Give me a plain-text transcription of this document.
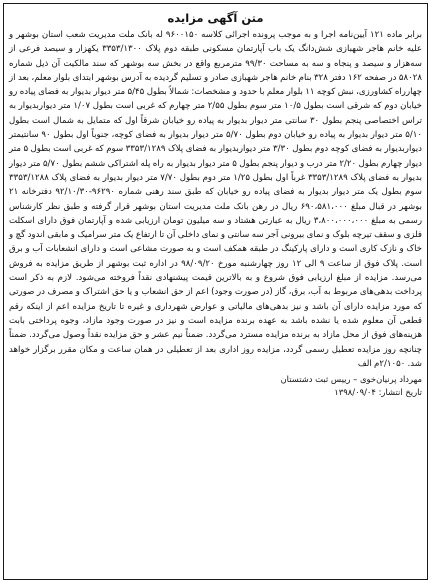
متن آگهی مزایده

برابر ماده ۱۲۱ آیین‌نامه اجرا و به موجب پرونده اجرائی کلاسه ۹۶۰۰۱۵۰ له بانک ملت مدیریت شعب استان بوشهر و علیه خانم هاجر شهبازی شش‌دانگ یک باب آپارتمان مسکونی طبقه دوم پلاک ۳۳۵۳/۱۳۰۰ یکهزار و سیصد فرعی از سه‌هزار و سیصد و پنجاه و سه به مساحت ۹۹/۳۰ مترمربع واقع در بخش سه بوشهر که سند مالکیت آن ذیل شماره ۵۸۰۲۸ در صفحه ۱۶۲ دفتر ۳۲۸ بنام خانم هاجر شهبازی صادر و تسلیم گردیده به آدرس بوشهر ابتدای بلوار معلم، بعد از چهارراه کشاورزی، نبش کوچه ۱۱ بلوار معلم با حدود و مشخصات: شمالاً بطول ۵/۴۵ متر دیوار بدیوار به فضای پیاده رو خیابان دوم که شرقی است بطول ۱۰/۵ متر سوم بطول ۲/۵۵ متر چهارم که غربی است بطول ۱/۰۷ متر دیواربدیوار به تراس اختصاصی پنجم بطول ۳۰ سانتی متر دیوار بدیوار به پیاده رو خیابان شرقاً اول که متمایل به شمال است بطول ۵/۱۰ متر دیوار بدیوار به پیاده رو خیابان دوم بطول ۵/۷۰ متر دیوار بدیوار به فضای کوچه، جنوباً اول بطول ۹۰ سانتیمتر دیواربدیوار به فضای کوچه دوم بطول ۳/۳۰ متر دیواربدیوار به فضای پلاک ۳۳۵۳/۱۲۸۹ سوم که غربی است بطول ۵ متر دیوار چهارم بطول ۲/۲۰ متر درب و دیوار پنجم بطول ۵ متر دیوار بدیوار به راه پله اشتراکی ششم بطول ۵/۷۰ متر دیوار بدیوار به فضای پلاک ۳۳۵۳/۱۲۸۹ غرباً اول بطول ۱/۲۵ متر دوم بطول ۷/۷۰ متر دیوار بدیوار به فضای پلاک ۳۳۵۳/۱۲۸۸ سوم بطول یک متر دیوار بدیوار به فضای پیاده رو خیابان که طبق سند رهنی شماره ۹۶۲۹۰-۹۲/۱۰/۳۰ دفترخانه ۲۱ بوشهر در قبال مبلغ ۶۹۰،۵۸۱،۰۰۰ ریال در رهن بانک ملت مدیریت استان بوشهر قرار گرفته و طبق نظر کارشناس رسمی به مبلغ ۳،۸۰۰،۰۰۰،۰۰۰ ریال به عبارتی هشتاد و سه میلیون تومان ارزیابی شده و آپارتمان فوق دارای اسکلت فلزی و سقف تیرچه بلوک و نمای بیرونی آجر سه سانتی و نمای داخلی آن تا ارتفاع یک متر سرامیک و مابقی اندود گچ و خاک و نازک کاری است و دارای پارکینگ در طبقه همکف است و به صورت مشاعی است و دارای انشعابات آب و برق است. پلاک فوق از ساعت ۹ الی ۱۲ روز چهارشنبه مورخ ۹۸/۰۹/۲۰ در اداره ثبت بوشهر از طریق مزایده به فروش می‌رسد. مزایده از مبلغ ارزیابی فوق شروع و به بالاترین قیمت پیشنهادی نقداً فروخته می‌شود. لازم به ذکر است پرداخت بدهی‌های مربوط به آب، برق، گاز (در صورت وجود) اعم از حق انشعاب و یا حق اشتراک و مصرف در صورتی که مورد مزایده دارای آن باشد و نیز بدهی‌های مالیاتی و عوارض شهرداری و غیره تا تاریخ مزایده اعم از اینکه رقم قطعی آن معلوم شده یا نشده باشد به عهده برنده مزایده است و نیز در صورت وجود مازاد، وجوه پرداختی بابت هزینه‌های فوق از محل مازاد به برنده مزایده مسترد می‌گردد. ضمناً نیم عشر و حق مزایده نقداً وصول می‌گردد. ضمناً چنانچه روز مزایده تعطیل رسمی گردد، مزایده روز اداری بعد از تعطیلی در همان ساعت و مکان مقرر برگزار خواهد شد. ۲/۱۰۵۰م الف

مهرداد پرنیان‌خوی – رییس ثبت دشتستان
تاریخ انتشار: ۱۳۹۸/۰۹/۰۴
